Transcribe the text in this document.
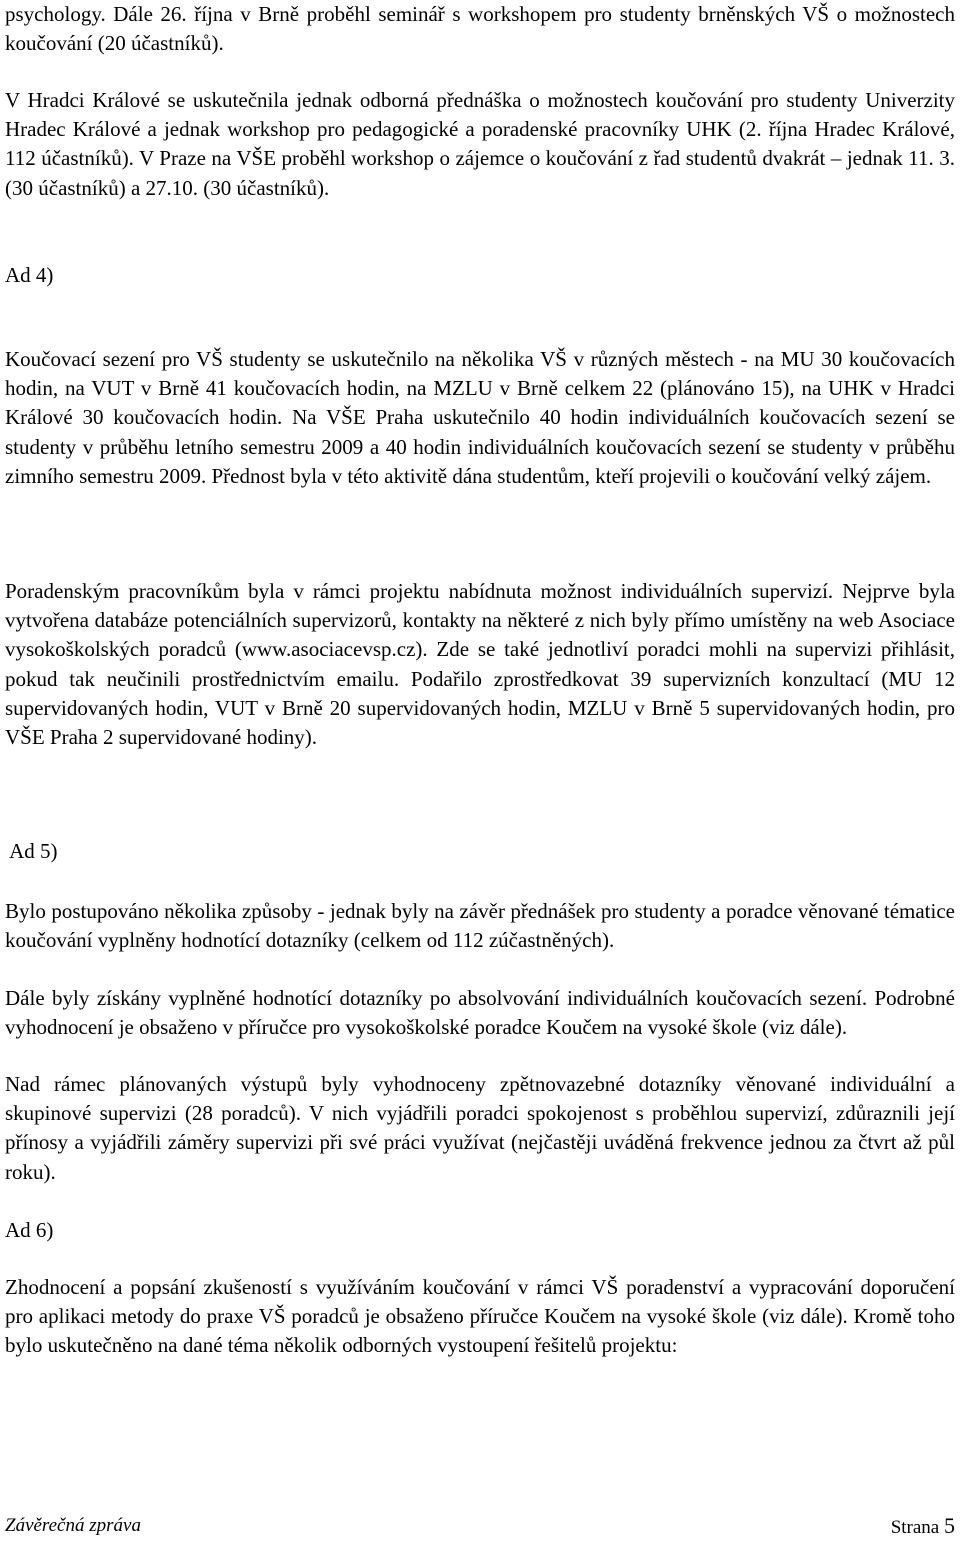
psychology. Dále 26. října v Brně proběhl seminář s workshopem pro studenty brněnských VŠ o možnostech koučování (20 účastníků).

V Hradci Králové se uskutečnila jednak odborná přednáška o možnostech koučování pro studenty Univerzity Hradec Králové a jednak workshop pro pedagogické a poradenské pracovníky UHK (2. října Hradec Králové, 112 účastníků). V Praze na VŠE proběhl workshop o zájemce o koučování z řad studentů dvakrát – jednak 11. 3. (30 účastníků) a 27.10. (30 účastníků).

Ad 4)

Koučovací sezení pro VŠ studenty se uskutečnilo na několika VŠ v různých městech - na MU 30 koučovacích hodin, na VUT v Brně 41 koučovacích hodin, na MZLU v Brně celkem 22 (plánováno 15), na UHK v Hradci Králové 30 koučovacích hodin. Na VŠE Praha uskutečnilo 40 hodin individuálních koučovacích sezení se studenty v průběhu letního semestru 2009 a 40 hodin individuálních koučovacích sezení se studenty v průběhu zimního semestru 2009. Přednost byla v této aktivitě dána studentům, kteří projevili o koučování velký zájem.

Poradenským pracovníkům byla v rámci projektu nabídnuta možnost individuálních supervizí. Nejprve byla vytvořena databáze potenciálních supervizorů, kontakty na některé z nich byly přímo umístěny na web Asociace vysokoškolských poradců (www.asociacevsp.cz). Zde se také jednotliví poradci mohli na supervizi přihlásit, pokud tak neučinili prostřednictvím emailu. Podařilo zprostředkovat 39 supervizních konzultací (MU 12 supervidovaných hodin, VUT v Brně 20 supervidovaných hodin, MZLU v Brně 5 supervidovaných hodin, pro VŠE Praha 2 supervidované hodiny).

Ad 5)

Bylo postupováno několika způsoby - jednak byly na závěr přednášek pro studenty a poradce věnované tématice koučování vyplněny hodnotící dotazníky (celkem od 112 zúčastněných).

Dále byly získány vyplněné hodnotící dotazníky po absolvování individuálních koučovacích sezení. Podrobné vyhodnocení je obsaženo v příručce pro vysokoškolské poradce Koučem na vysoké škole (viz dále).

Nad rámec plánovaných výstupů byly vyhodnoceny zpětnovazebné dotazníky věnované individuální a skupinové supervizi (28 poradců). V nich vyjádřili poradci spokojenost s proběhlou supervizí, zdůraznili její přínosy a vyjádřili záměry supervizi při své práci využívat (nejčastěji uváděná frekvence jednou za čtvrt až půl roku).

Ad 6)

Zhodnocení a popsání zkušeností s využíváním koučování v rámci VŠ poradenství a vypracování doporučení pro aplikaci metody do praxe VŠ poradců je obsaženo příručce Koučem na vysoké škole (viz dále). Kromě toho bylo uskutečněno na dané téma několik odborných vystoupení řešitelů projektu:

Závěrečná zpráva	Strana 5
